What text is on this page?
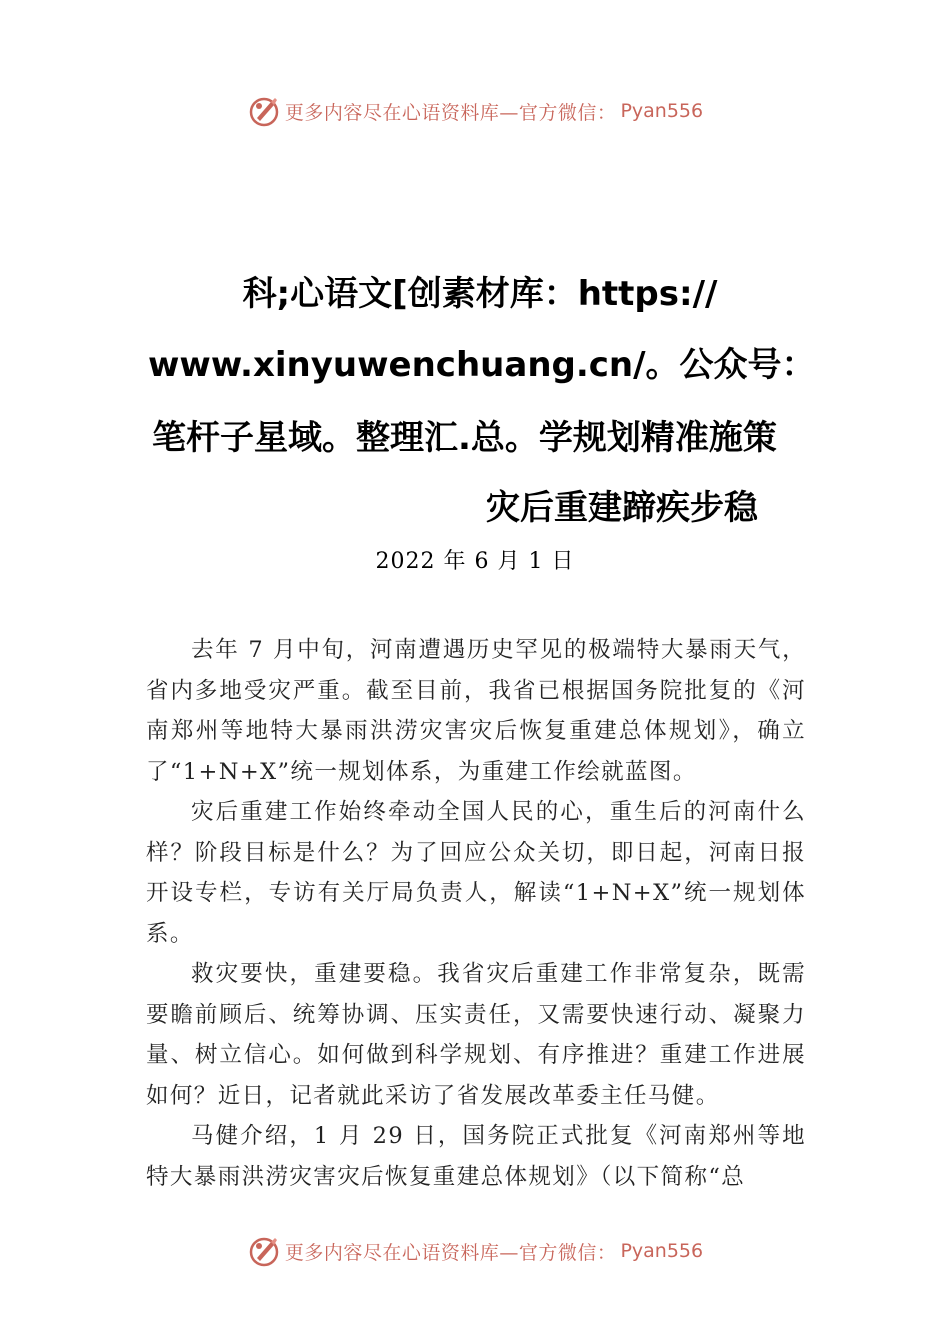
更多内容尽在心语资料库—官方微信： Pyan556
科;心语文[创素材库：https://
www.xinyuwenchuang.cn/。公众号：
笔杆子星域。整理汇.总。学规划精准施策
灾后重建蹄疾步稳
2022 年 6 月 1 日

去年 7 月中旬，河南遭遇历史罕见的极端特大暴雨天气，省内多地受灾严重。截至目前，我省已根据国务院批复的《河南郑州等地特大暴雨洪涝灾害灾后恢复重建总体规划》，确立了“1+N+X”统一规划体系，为重建工作绘就蓝图。

灾后重建工作始终牵动全国人民的心，重生后的河南什么样？阶段目标是什么？为了回应公众关切，即日起，河南日报开设专栏，专访有关厅局负责人，解读“1+N+X”统一规划体系。

救灾要快，重建要稳。我省灾后重建工作非常复杂，既需要瞻前顾后、统筹协调、压实责任，又需要快速行动、凝聚力量、树立信心。如何做到科学规划、有序推进？重建工作进展如何？近日，记者就此采访了省发展改革委主任马健。

马健介绍，1 月 29 日，国务院正式批复《河南郑州等地特大暴雨洪涝灾害灾后恢复重建总体规划》（以下简称“总

更多内容尽在心语资料库—官方微信： Pyan556
